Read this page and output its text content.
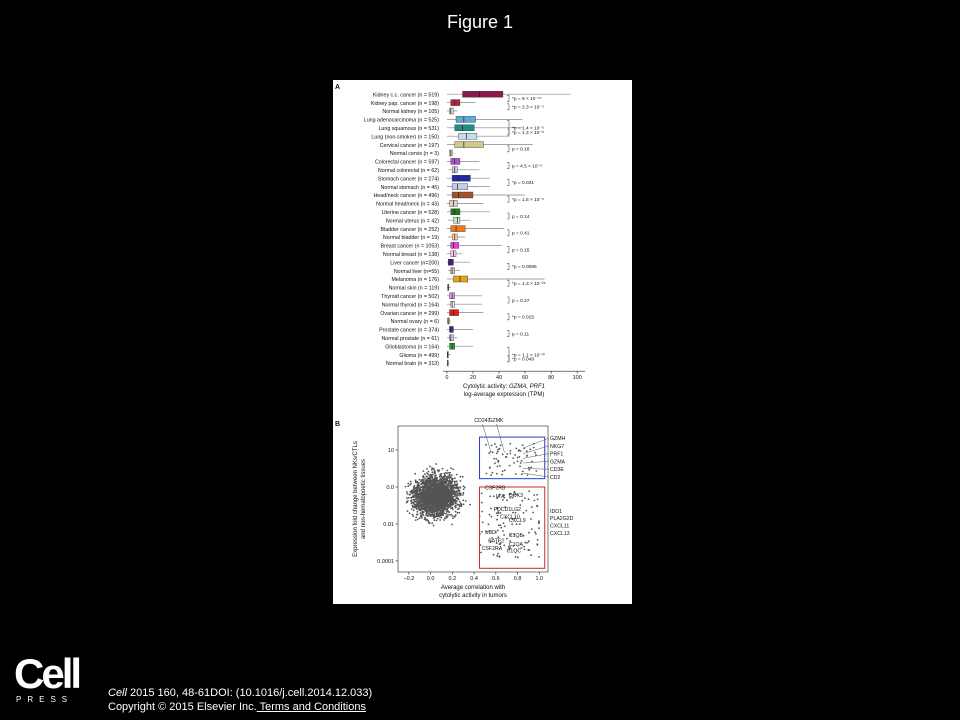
Figure 1
A
Kidney c.c. cancer (n = 519)
Kidney pap. cancer (n = 198)
Normal kidney (n = 105)
Lung adenocarcinoma (n = 525)
Lung squamous (n = 531)
Lung (non-smoker) (n = 150)
Cervical cancer (n = 197)
Normal cervix (n = 3)
Colorectal cancer (n = 597)
Normal colorectal (n = 62)
Stomach cancer (n = 274)
Normal stomach (n = 45)
Head/neck cancer (n = 496)
Normal head/neck (n = 43)
Uterine cancer (n = 528)
Normal uterus (n = 42)
Bladder cancer (n = 252)
Normal bladder (n = 19)
Breast cancer (n = 1053)
Normal breast (n = 138)
Liver cancer (n=200)
Normal liver (n=55)
Melanoma (n = 176)
Normal skin (n = 119)
Thyroid cancer (n = 502)
Normal thyroid (n = 164)
Ovarian cancer (n = 299)
Normal ovary (n = 6)
Prostate cancer (n = 374)
Normal prostate (n = 61)
Glioblastoma (n = 164)
Glioma (n = 499)
Normal brain (n = 313)
0	20	40	60	80	100
Cytolytic activity: GZMA, PRF1
log-average expression (TPM)
*p = 9 × 10⁻⁴⁷
*p = 2.3 × 10⁻⁵
*p = 1.4 × 10⁻⁶
*p = 1.3 × 10⁻⁸
p = 0.18
p = 4.5 × 10⁻⁸
*p = 0.031
*p = 1.8 × 10⁻⁵
p = 0.14
p = 0.41
p = 0.15
*p = 0.0085
*p = 1.3 × 10⁻²⁵
p = 0.27
*p = 0.015
p = 0.11
*p = 1.1 × 10⁻³⁷
*p = 0.049
B	CD247
GZMK
GZMH
NKG7
PRF1
GZMA
CD3E
CD2
CSF2RB
LTA DOK3
PDCD1LG2
CXCL10
CXCL9
IDO1
PLA2G2D
CXCL11
CXCL13
UBD C1QB
BATF2
C1QA
CSF2RA C1QC
−0.2 0.0	0.2	0.4	0.6	0.8	1.0
0.0001
0.01
0.0
10
Average correlation with
cytolytic activity in tumors
Expression fold change between NKs/CTLs and non-hematopoetic tissues
Cell
PRESS
Cell 2015 160, 48-61DOI: (10.1016/j.cell.2014.12.033)
Copyright © 2015 Elsevier Inc. Terms and Conditions
